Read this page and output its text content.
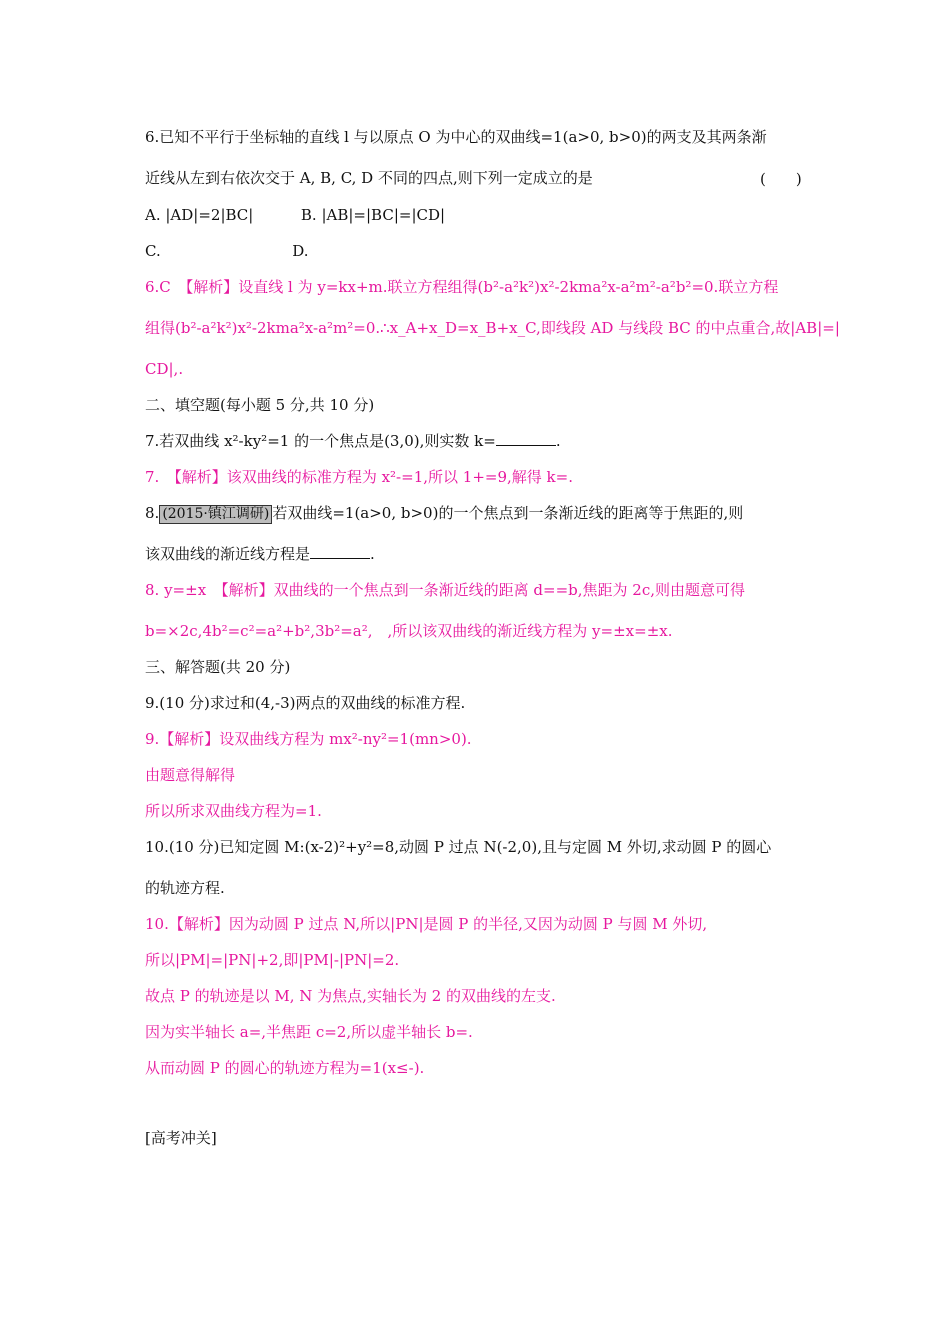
6.已知不平行于坐标轴的直线 l 与以原点 O 为中心的双曲线=1(a>0, b>0)的两支及其两条渐
近线从左到右依次交于 A, B, C, D 不同的四点,则下列一定成立的是	(　　)
A. |AD|=2|BC|	B. |AB|=|BC|=|CD|
C.	D.
6.C　【解析】设直线 l 为 y=kx+m.联立方程组得(b²-a²k²)x²-2kma²x-a²m²-a²b²=0.联立方程
组得(b²-a²k²)x²-2kma²x-a²m²=0.∴x_A+x_D=x_B+x_C,即线段 AD 与线段 BC 的中点重合,故|AB|=|
CD|,.
二、填空题(每小题 5 分,共 10 分)
7.若双曲线 x²-ky²=1 的一个焦点是(3,0),则实数 k=	.
7.　【解析】该双曲线的标准方程为 x²-=1,所以 1+=9,解得 k=.
8. (2015·镇江调研) 若双曲线=1(a>0, b>0)的一个焦点到一条渐近线的距离等于焦距的,则
该双曲线的渐近线方程是	.
8. y=±x　【解析】双曲线的一个焦点到一条渐近线的距离 d==b,焦距为 2c,则由题意可得
b=×2c,4b²=c²=a²+b²,3b²=a²,　,所以该双曲线的渐近线方程为 y=±x=±x.
三、解答题(共 20 分)
9.(10 分)求过和(4,-3)两点的双曲线的标准方程.
9.【解析】设双曲线方程为 mx²-ny²=1(mn>0).
由题意得解得
所以所求双曲线方程为=1.
10.(10 分)已知定圆 M:(x-2)²+y²=8,动圆 P 过点 N(-2,0),且与定圆 M 外切,求动圆 P 的圆心
的轨迹方程.
10.【解析】因为动圆 P 过点 N,所以|PN|是圆 P 的半径,又因为动圆 P 与圆 M 外切,
所以|PM|=|PN|+2,即|PM|-|PN|=2.
故点 P 的轨迹是以 M, N 为焦点,实轴长为 2 的双曲线的左支.
因为实半轴长 a=,半焦距 c=2,所以虚半轴长 b=.
从而动圆 P 的圆心的轨迹方程为=1(x≤-).
[高考冲关]
